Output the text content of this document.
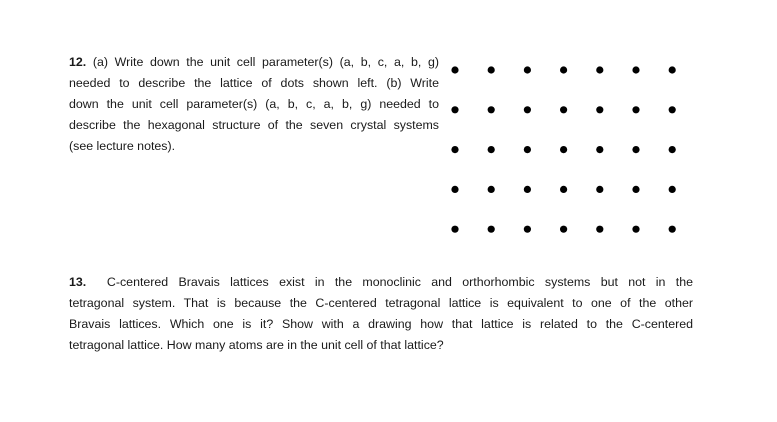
12. (a) Write down the unit cell parameter(s) (a, b, c, a, b, g)
needed to describe the lattice of dots shown left. (b) Write
down the unit cell parameter(s) (a, b, c, a, b, g) needed to
describe the hexagonal structure of the seven crystal systems
(see lecture notes).
13. C-centered Bravais lattices exist in the monoclinic and orthorhombic systems but not in the
tetragonal system. That is because the C-centered tetragonal lattice is equivalent to one of the other
Bravais lattices. Which one is it? Show with a drawing how that lattice is related to the C-centered
tetragonal lattice. How many atoms are in the unit cell of that lattice?
